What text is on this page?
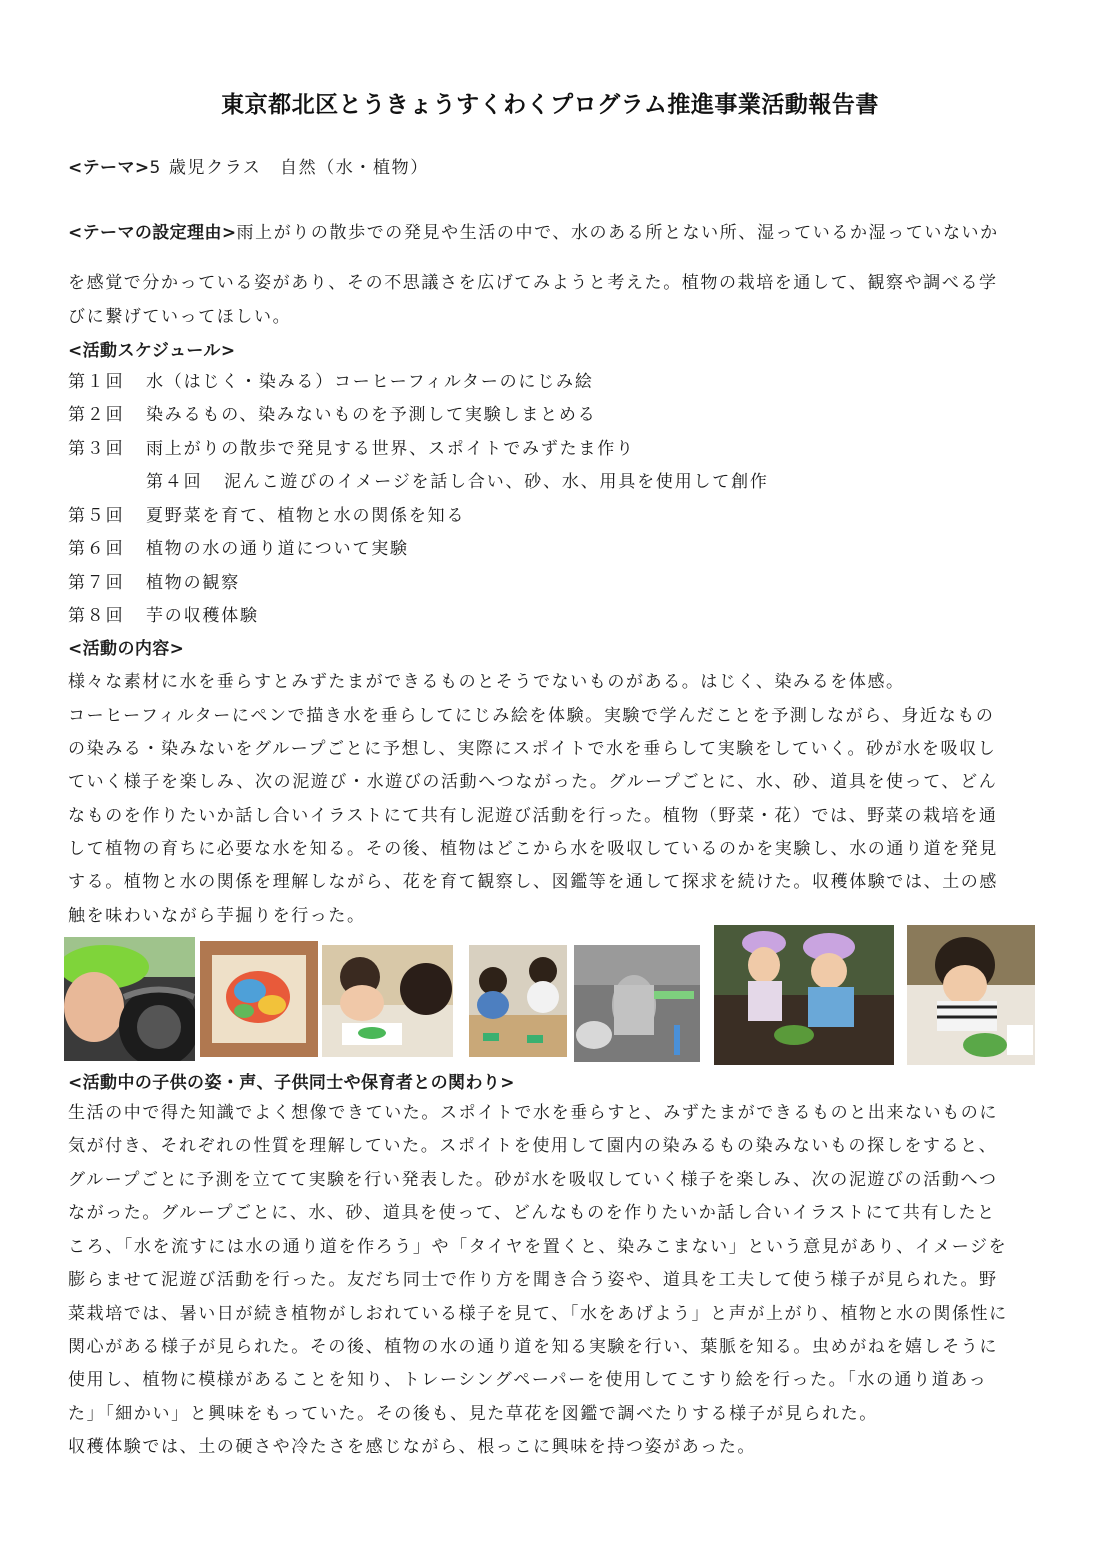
東京都北区とうきょうすくわくプログラム推進事業活動報告書
<テーマ>5 歳児クラス　自然（水・植物）
<テーマの設定理由>雨上がりの散歩での発見や生活の中で、水のある所とない所、湿っているか湿っていないか
を感覚で分かっている姿があり、その不思議さを広げてみようと考えた。植物の栽培を通して、観察や調べる学
びに繋げていってほしい。
<活動スケジュール>
第１回 水（はじく・染みる）コーヒーフィルターのにじみ絵
第２回 染みるもの、染みないものを予測して実験しまとめる
第３回 雨上がりの散歩で発見する世界、スポイトでみずたま作り
第４回 泥んこ遊びのイメージを話し合い、砂、水、用具を使用して創作
第５回 夏野菜を育て、植物と水の関係を知る
第６回 植物の水の通り道について実験
第７回 植物の観察
第８回 芋の収穫体験
<活動の内容>
様々な素材に水を垂らすとみずたまができるものとそうでないものがある。はじく、染みるを体感。
コーヒーフィルターにペンで描き水を垂らしてにじみ絵を体験。実験で学んだことを予測しながら、身近なもの
の染みる・染みないをグループごとに予想し、実際にスポイトで水を垂らして実験をしていく。砂が水を吸収し
ていく様子を楽しみ、次の泥遊び・水遊びの活動へつながった。グループごとに、水、砂、道具を使って、どん
なものを作りたいか話し合いイラストにて共有し泥遊び活動を行った。植物（野菜・花）では、野菜の栽培を通
して植物の育ちに必要な水を知る。その後、植物はどこから水を吸収しているのかを実験し、水の通り道を発見
する。植物と水の関係を理解しながら、花を育て観察し、図鑑等を通して探求を続けた。収穫体験では、土の感
触を味わいながら芋掘りを行った。
<活動中の子供の姿・声、子供同士や保育者との関わり>
生活の中で得た知識でよく想像できていた。スポイトで水を垂らすと、みずたまができるものと出来ないものに
気が付き、それぞれの性質を理解していた。スポイトを使用して園内の染みるもの染みないもの探しをすると、
グループごとに予測を立てて実験を行い発表した。砂が水を吸収していく様子を楽しみ、次の泥遊びの活動へつ
ながった。グループごとに、水、砂、道具を使って、どんなものを作りたいか話し合いイラストにて共有したと
ころ、「水を流すには水の通り道を作ろう」や「タイヤを置くと、染みこまない」という意見があり、イメージを
膨らませて泥遊び活動を行った。友だち同士で作り方を聞き合う姿や、道具を工夫して使う様子が見られた。野
菜栽培では、暑い日が続き植物がしおれている様子を見て、「水をあげよう」と声が上がり、植物と水の関係性に
関心がある様子が見られた。その後、植物の水の通り道を知る実験を行い、葉脈を知る。虫めがねを嬉しそうに
使用し、植物に模様があることを知り、トレーシングペーパーを使用してこすり絵を行った。「水の通り道あっ
た」「細かい」と興味をもっていた。その後も、見た草花を図鑑で調べたりする様子が見られた。
収穫体験では、土の硬さや冷たさを感じながら、根っこに興味を持つ姿があった。
